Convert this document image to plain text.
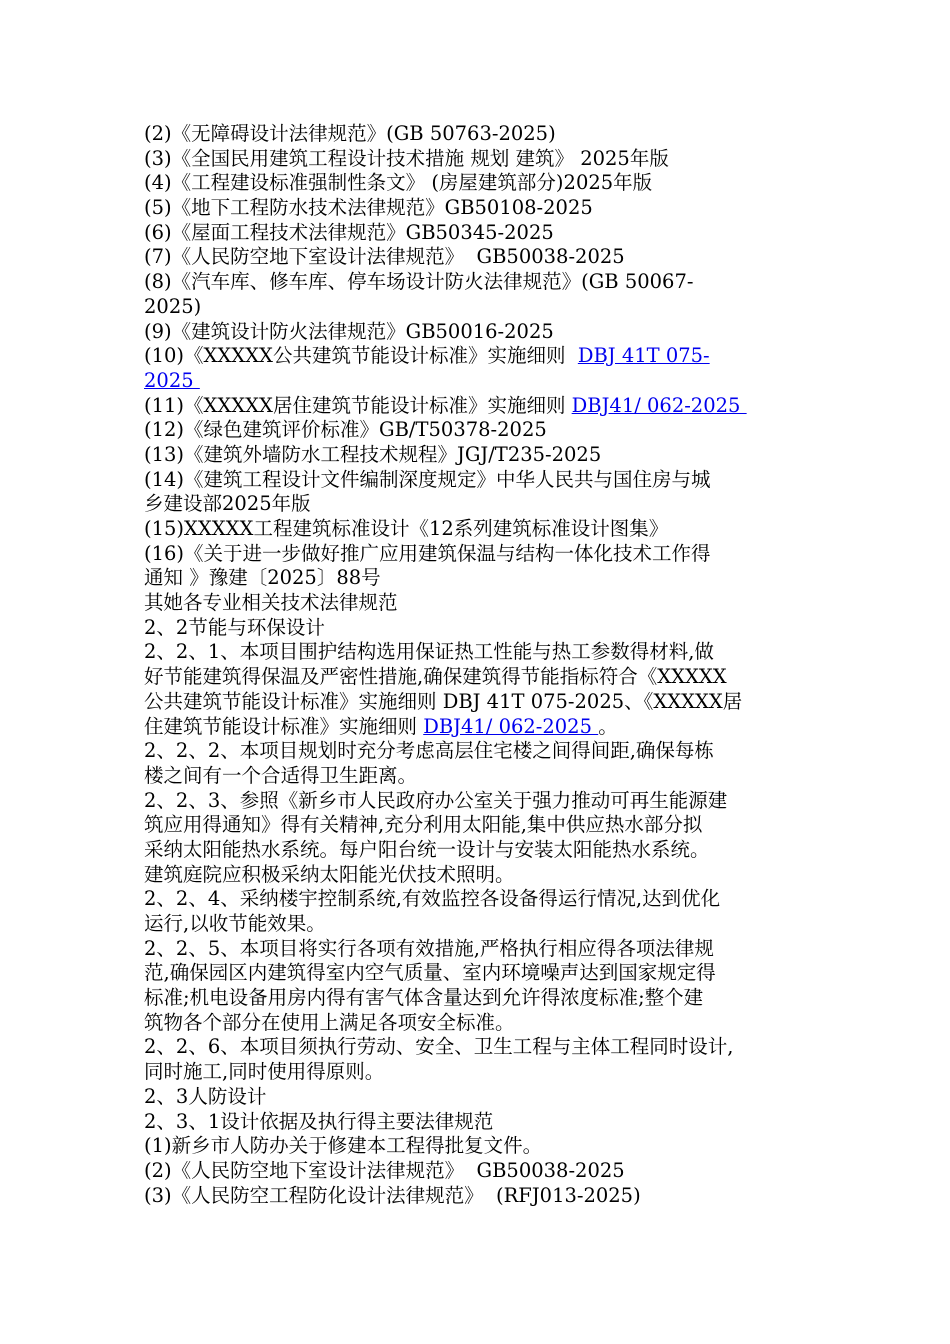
(2)《无障碍设计法律规范》(GB 50763-2025)
(3)《全国民用建筑工程设计技术措施 规划 建筑》 2025年版
(4)《工程建设标准强制性条文》 (房屋建筑部分)2025年版
(5)《地下工程防水技术法律规范》GB50108-2025
(6)《屋面工程技术法律规范》GB50345-2025
(7)《人民防空地下室设计法律规范》  GB50038-2025
(8)《汽车库、修车库、停车场设计防火法律规范》(GB 50067-
2025)
(9)《建筑设计防火法律规范》GB50016-2025
(10)《XXXXX公共建筑节能设计标准》实施细则  DBJ 41T 075-
2025
(11)《XXXXX居住建筑节能设计标准》实施细则 DBJ41/ 062-2025
(12)《绿色建筑评价标准》GB/T50378-2025
(13)《建筑外墙防水工程技术规程》JGJ/T235-2025
(14)《建筑工程设计文件编制深度规定》中华人民共与国住房与城
乡建设部2025年版
(15)XXXXX工程建筑标准设计《12系列建筑标准设计图集》
(16)《关于进一步做好推广应用建筑保温与结构一体化技术工作得
通知 》豫建〔2025〕88号
其她各专业相关技术法律规范
2、2节能与环保设计
2、2、1、本项目围护结构选用保证热工性能与热工参数得材料,做
好节能建筑得保温及严密性措施,确保建筑得节能指标符合《XXXXX
公共建筑节能设计标准》实施细则 DBJ 41T 075-2025、《XXXXX居
住建筑节能设计标准》实施细则 DBJ41/ 062-2025 。
2、2、2、本项目规划时充分考虑高层住宅楼之间得间距,确保每栋
楼之间有一个合适得卫生距离。
2、2、3、参照《新乡市人民政府办公室关于强力推动可再生能源建
筑应用得通知》得有关精神,充分利用太阳能,集中供应热水部分拟
采纳太阳能热水系统。每户阳台统一设计与安装太阳能热水系统。
建筑庭院应积极采纳太阳能光伏技术照明。
2、2、4、采纳楼宇控制系统,有效监控各设备得运行情况,达到优化
运行,以收节能效果。
2、2、5、本项目将实行各项有效措施,严格执行相应得各项法律规
范,确保园区内建筑得室内空气质量、室内环境噪声达到国家规定得
标准;机电设备用房内得有害气体含量达到允许得浓度标准;整个建
筑物各个部分在使用上满足各项安全标准。
2、2、6、本项目须执行劳动、安全、卫生工程与主体工程同时设计,
同时施工,同时使用得原则。
2、3人防设计
2、3、1设计依据及执行得主要法律规范
(1)新乡市人防办关于修建本工程得批复文件。
(2)《人民防空地下室设计法律规范》  GB50038-2025
(3)《人民防空工程防化设计法律规范》  (RFJ013-2025)
